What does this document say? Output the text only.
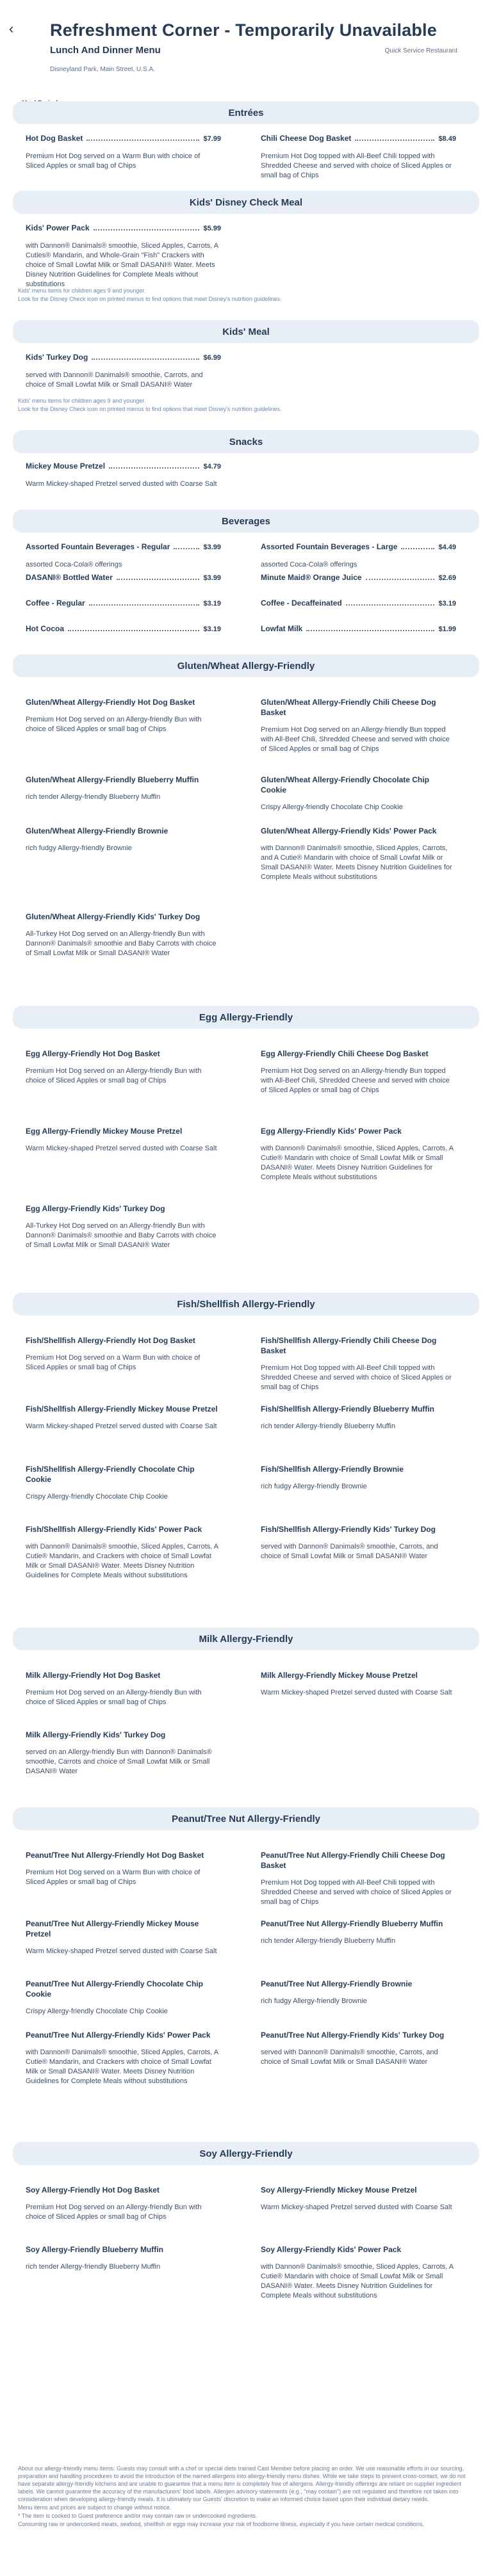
‹ Refreshment Corner - Temporarily Unavailable
Lunch And Dinner Menu
Disneyland Park, Main Street, U.S.A.
Quick Service Restaurant

About our allergy-friendly menu items: Guests may consult with a chef or special diets trained Cast Member before placing an order. We use reasonable efforts in our sourcing, preparation and handling procedures to avoid the introduction of the named allergens into allergy-friendly menu dishes. While we take steps to prevent cross-contact, we do not have separate allergy-friendly kitchens and are unable to guarantee that a menu item is completely free of allergens. Allergy-friendly offerings are reliant on supplier ingredient labels. We cannot guarantee the accuracy of the manufacturers' food labels. Allergen advisory statements (e.g., "may contain") are not regulated and therefore not taken into consideration when developing allergy-friendly meals. It is ultimately our Guests' discretion to make an informed choice based upon their individual dietary needs.

Menu items and prices are subject to change without notice.

* The item is cooked to Guest preference and/or may contain raw or undercooked ingredients.

Consuming raw or undercooked meats, seafood, shellfish or eggs may increase your risk of foodborne illness, especially if you have certain medical conditions.

Entrées
Hot Dog Basket	$7.99
Premium Hot Dog served on a Warm Bun with choice of Sliced Apples or small bag of Chips
Chili Cheese Dog Basket	$8.49
Premium Hot Dog topped with All-Beef Chili topped with Shredded Cheese and served with choice of Sliced Apples or small bag of Chips
Kids' Disney Check Meal
Kids' Power Pack	$5.99
with Dannon® Danimals® smoothie, Sliced Apples, Carrots, A Cuties® Mandarin, and Whole-Grain "Fish" Crackers with choice of Small Lowfat Milk or Small DASANI® Water. Meets Disney Nutrition Guidelines for Complete Meals without substitutions
Kids' menu items for children ages 9 and younger.
Look for the Disney Check icon on printed menus to find options that meet Disney's nutrition guidelines.
Kids' Meal
Kids' Turkey Dog	$6.99
served with Dannon® Danimals® smoothie, Carrots, and choice of Small Lowfat Milk or Small DASANI® Water
Kids' menu items for children ages 9 and younger.
Look for the Disney Check icon on printed menus to find options that meet Disney's nutrition guidelines.
Snacks
Mickey Mouse Pretzel	$4.79
Warm Mickey-shaped Pretzel served dusted with Coarse Salt
Beverages
Assorted Fountain Beverages - Regular	$3.99
assorted Coca-Cola® offerings
Assorted Fountain Beverages - Large	$4.49
assorted Coca-Cola® offerings
DASANI® Bottled Water	$3.99	Minute Maid® Orange Juice	$2.69
Coffee - Regular	$3.19	Coffee - Decaffeinated	$3.19
Hot Cocoa	$3.19	Lowfat Milk	$1.99
Gluten/Wheat Allergy-Friendly
Gluten/Wheat Allergy-Friendly Hot Dog Basket
Premium Hot Dog served on an Allergy-friendly Bun with choice of Sliced Apples or small bag of Chips
Gluten/Wheat Allergy-Friendly Chili Cheese Dog Basket
Premium Hot Dog served on an Allergy-friendly Bun topped with All-Beef Chili, Shredded Cheese and served with choice of Sliced Apples or small bag of Chips
Gluten/Wheat Allergy-Friendly Blueberry Muffin
rich tender Allergy-friendly Blueberry Muffin
Gluten/Wheat Allergy-Friendly Chocolate Chip Cookie
Crispy Allergy-friendly Chocolate Chip Cookie
Gluten/Wheat Allergy-Friendly Brownie
rich fudgy Allergy-friendly Brownie
Gluten/Wheat Allergy-Friendly Kids' Power Pack
with Dannon® Danimals® smoothie, Sliced Apples, Carrots, and A Cutie® Mandarin with choice of Small Lowfat Milk or Small DASANI® Water. Meets Disney Nutrition Guidelines for Complete Meals without substitutions
Gluten/Wheat Allergy-Friendly Kids' Turkey Dog
All-Turkey Hot Dog served on an Allergy-friendly Bun with Dannon® Danimals® smoothie and Baby Carrots with choice of Small Lowfat Milk or Small DASANI® Water
Egg Allergy-Friendly
Egg Allergy-Friendly Hot Dog Basket
Premium Hot Dog served on an Allergy-friendly Bun with choice of Sliced Apples or small bag of Chips
Egg Allergy-Friendly Chili Cheese Dog Basket
Premium Hot Dog served on an Allergy-friendly Bun topped with All-Beef Chili, Shredded Cheese and served with choice of Sliced Apples or small bag of Chips
Egg Allergy-Friendly Mickey Mouse Pretzel
Warm Mickey-shaped Pretzel served dusted with Coarse Salt
Egg Allergy-Friendly Kids' Power Pack
with Dannon® Danimals® smoothie, Sliced Apples, Carrots, A Cutie® Mandarin with choice of Small Lowfat Milk or Small DASANI® Water. Meets Disney Nutrition Guidelines for Complete Meals without substitutions
Egg Allergy-Friendly Kids' Turkey Dog
All-Turkey Hot Dog served on an Allergy-friendly Bun with Dannon® Danimals® smoothie and Baby Carrots with choice of Small Lowfat Milk or Small DASANI® Water
Fish/Shellfish Allergy-Friendly
Fish/Shellfish Allergy-Friendly Hot Dog Basket
Premium Hot Dog served on a Warm Bun with choice of Sliced Apples or small bag of Chips
Fish/Shellfish Allergy-Friendly Chili Cheese Dog Basket
Premium Hot Dog topped with All-Beef Chili topped with Shredded Cheese and served with choice of Sliced Apples or small bag of Chips
Fish/Shellfish Allergy-Friendly Mickey Mouse Pretzel
Warm Mickey-shaped Pretzel served dusted with Coarse Salt
Fish/Shellfish Allergy-Friendly Blueberry Muffin
rich tender Allergy-friendly Blueberry Muffin
Fish/Shellfish Allergy-Friendly Chocolate Chip Cookie
Crispy Allergy-friendly Chocolate Chip Cookie
Fish/Shellfish Allergy-Friendly Brownie
rich fudgy Allergy-friendly Brownie
Fish/Shellfish Allergy-Friendly Kids' Power Pack
with Dannon® Danimals® smoothie, Sliced Apples, Carrots, A Cutie® Mandarin, and Crackers with choice of Small Lowfat Milk or Small DASANI® Water. Meets Disney Nutrition Guidelines for Complete Meals without substitutions
Fish/Shellfish Allergy-Friendly Kids' Turkey Dog
served with Dannon® Danimals® smoothie, Carrots, and choice of Small Lowfat Milk or Small DASANI® Water
Milk Allergy-Friendly
Milk Allergy-Friendly Hot Dog Basket
Premium Hot Dog served on an Allergy-friendly Bun with choice of Sliced Apples or small bag of Chips
Milk Allergy-Friendly Mickey Mouse Pretzel
Warm Mickey-shaped Pretzel served dusted with Coarse Salt
Milk Allergy-Friendly Kids' Turkey Dog
served on an Allergy-friendly Bun with Dannon® Danimals® smoothie, Carrots and choice of Small Lowfat Milk or Small DASANI® Water
Peanut/Tree Nut Allergy-Friendly
Peanut/Tree Nut Allergy-Friendly Hot Dog Basket
Premium Hot Dog served on a Warm Bun with choice of Sliced Apples or small bag of Chips
Peanut/Tree Nut Allergy-Friendly Chili Cheese Dog Basket
Premium Hot Dog topped with All-Beef Chili topped with Shredded Cheese and served with choice of Sliced Apples or small bag of Chips
Peanut/Tree Nut Allergy-Friendly Mickey Mouse Pretzel
Warm Mickey-shaped Pretzel served dusted with Coarse Salt
Peanut/Tree Nut Allergy-Friendly Blueberry Muffin
rich tender Allergy-friendly Blueberry Muffin
Peanut/Tree Nut Allergy-Friendly Chocolate Chip Cookie
Crispy Allergy-friendly Chocolate Chip Cookie
Peanut/Tree Nut Allergy-Friendly Brownie
rich fudgy Allergy-friendly Brownie
Peanut/Tree Nut Allergy-Friendly Kids' Power Pack
with Dannon® Danimals® smoothie, Sliced Apples, Carrots, A Cutie® Mandarin, and Crackers with choice of Small Lowfat Milk or Small DASANI® Water. Meets Disney Nutrition Guidelines for Complete Meals without substitutions
Peanut/Tree Nut Allergy-Friendly Kids' Turkey Dog
served with Dannon® Danimals® smoothie, Carrots, and choice of Small Lowfat Milk or Small DASANI® Water
Soy Allergy-Friendly
Soy Allergy-Friendly Hot Dog Basket
Premium Hot Dog served on an Allergy-friendly Bun with choice of Sliced Apples or small bag of Chips
Soy Allergy-Friendly Mickey Mouse Pretzel
Warm Mickey-shaped Pretzel served dusted with Coarse Salt
Soy Allergy-Friendly Blueberry Muffin
rich tender Allergy-friendly Blueberry Muffin
Soy Allergy-Friendly Kids' Power Pack
with Dannon® Danimals® smoothie, Sliced Apples, Carrots, A Cutie® Mandarin with choice of Small Lowfat Milk or Small DASANI® Water. Meets Disney Nutrition Guidelines for Complete Meals without substitutions
